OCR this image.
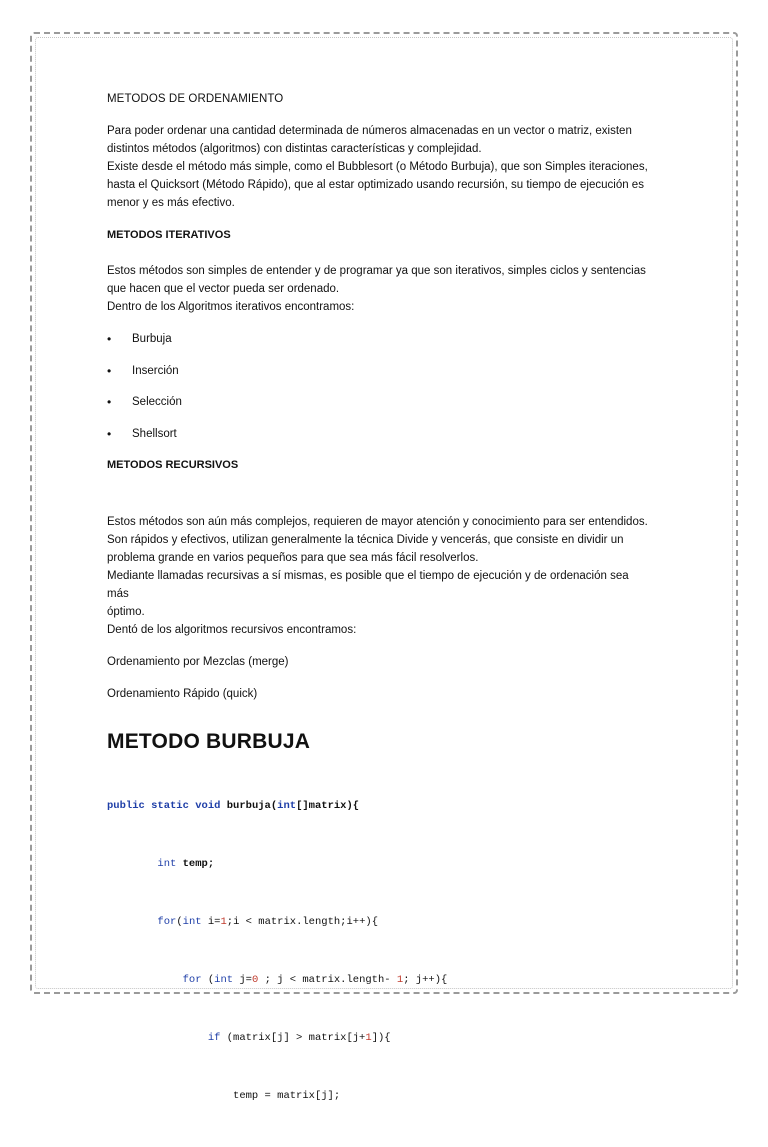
METODOS DE ORDENAMIENTO

Para poder ordenar una cantidad determinada de números almacenadas en un vector o matriz, existen

distintos métodos (algoritmos) con distintas características y complejidad.

Existe desde el método más simple, como el Bubblesort (o Método Burbuja), que son Simples iteraciones,

hasta el Quicksort (Método Rápido), que al estar optimizado usando recursión, su tiempo de ejecución es

menor y es más efectivo.

METODOS ITERATIVOS

Estos métodos son simples de entender y de programar ya que son iterativos, simples ciclos y sentencias

que hacen que el vector pueda ser ordenado.

Dentro de los Algoritmos iterativos encontramos:

• Burbuja
• Inserción
• Selección
• Shellsort
METODOS RECURSIVOS

Estos métodos son aún más complejos, requieren de mayor atención y conocimiento para ser entendidos.

Son rápidos y efectivos, utilizan generalmente la técnica Divide y vencerás, que consiste en dividir un

problema grande en varios pequeños para que sea más fácil resolverlos.

Mediante llamadas recursivas a sí mismas, es posible que el tiempo de ejecución y de ordenación sea más

óptimo.

Dentó de los algoritmos recursivos encontramos:

Ordenamiento por Mezclas (merge)

Ordenamiento Rápido (quick)

METODO BURBUJA

public static void burbuja(int[]matrix){

int temp;

for(int i=1;i < matrix.length;i++){

for (int j=0 ; j < matrix.length- 1; j++){

if (matrix[j] > matrix[j+1]){

temp = matrix[j];
